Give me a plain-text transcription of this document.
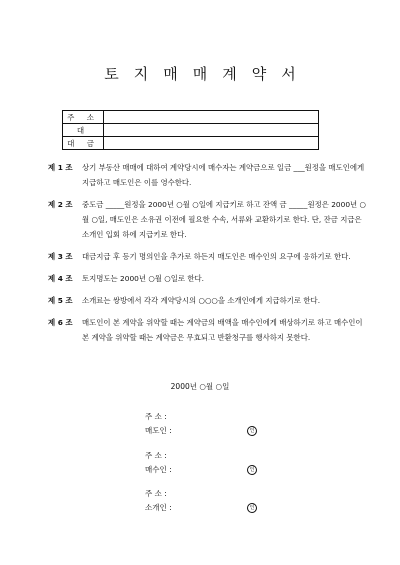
토지매매계약서
주 소	
대	
대 금	
제 1 조	상기 부동산 매매에 대하여 계약당시에 매수자는 계약금으로 일금 ___원정을 매도인에게 지급하고 매도인은 이를 영수한다.
제 2 조	중도금 _____원정을 2000년 ○월 ○일에 지급키로 하고 잔액 금 _____원정은 2000년 ○월 ○일, 매도인은 소유권 이전에 필요한 수속, 서류와 교환하기로 한다. 단, 잔금 지급은 소개인 입회 하에 지급키로 한다.
제 3 조	대금지급 후 등기 명의인을 추가로 하든지 매도인은 매수인의 요구에 응하기로 한다.
제 4 조	토지명도는 2000년 ○월 ○일로 한다.
제 5 조	소개료는 쌍방에서 각각 계약당시의 ○○○을 소개인에게 지급하기로 한다.
제 6 조	매도인이 본 계약을 위약할 때는 계약금의 배액을 매수인에게 배상하기로 하고 매수인이 본 계약을 위약할 때는 계약금은 무효되고 반환청구를 행사하지 못한다.
2000년 ○월 ○일
주 소 :
매도인 :	인
주 소 :
매수인 :	인
주 소 :
소개인 :	인
